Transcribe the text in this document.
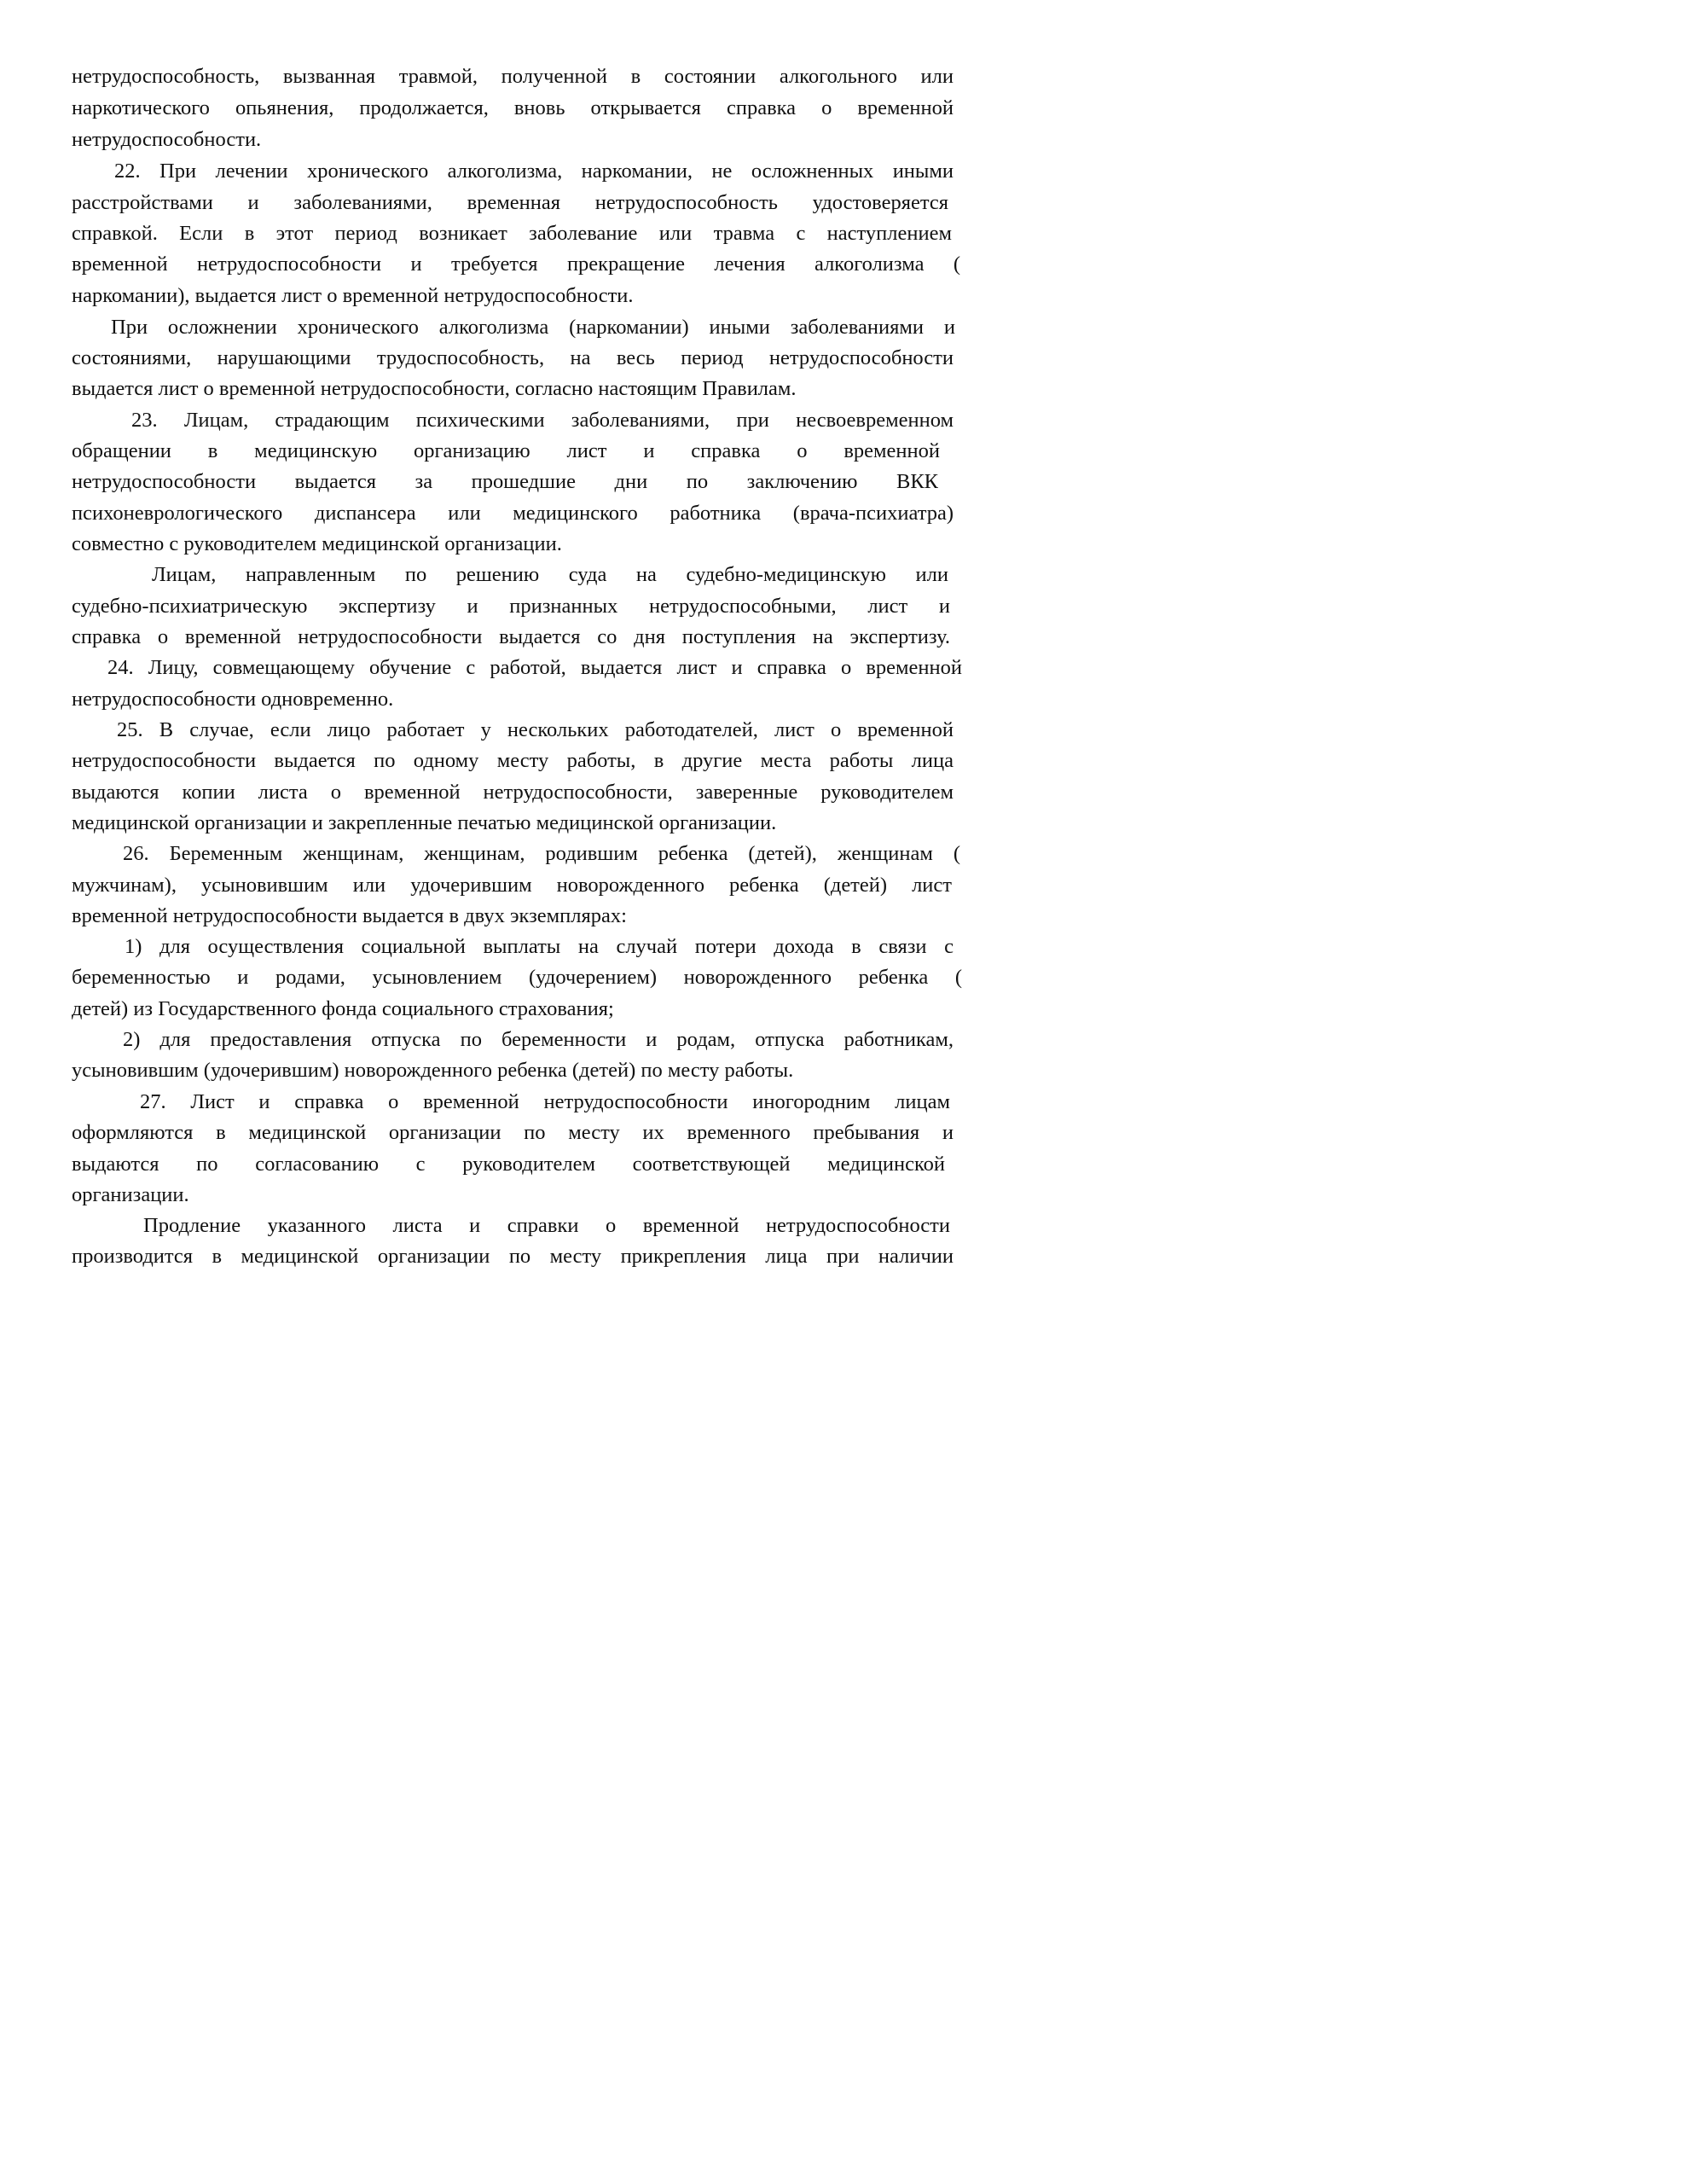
нетрудоспособность, вызванная травмой, полученной в состоянии алкогольного или
наркотического опьянения, продолжается, вновь открывается справка о временной
нетрудоспособности.
22. При лечении хронического алкоголизма, наркомании, не осложненных иными
расстройствами и заболеваниями, временная нетрудоспособность удостоверяется
справкой. Если в этот период возникает заболевание или травма с наступлением
временной нетрудоспособности и требуется прекращение лечения алкоголизма (
наркомании), выдается лист о временной нетрудоспособности.
При осложнении хронического алкоголизма (наркомании) иными заболеваниями и
состояниями, нарушающими трудоспособность, на весь период нетрудоспособности
выдается лист о временной нетрудоспособности, согласно настоящим Правилам.
23. Лицам, страдающим психическими заболеваниями, при несвоевременном
обращении в медицинскую организацию лист и справка о временной
нетрудоспособности выдается за прошедшие дни по заключению ВКК
психоневрологического диспансера или медицинского работника (врача-психиатра)
совместно с руководителем медицинской организации.
Лицам, направленным по решению суда на судебно-медицинскую или
судебно-психиатрическую экспертизу и признанных нетрудоспособными, лист и
справка о временной нетрудоспособности выдается со дня поступления на экспертизу.
24. Лицу, совмещающему обучение с работой, выдается лист и справка о временной
нетрудоспособности одновременно.
25. В случае, если лицо работает у нескольких работодателей, лист о временной
нетрудоспособности выдается по одному месту работы, в другие места работы лица
выдаются копии листа о временной нетрудоспособности, заверенные руководителем
медицинской организации и закрепленные печатью медицинской организации.
26. Беременным женщинам, женщинам, родившим ребенка (детей), женщинам (
мужчинам), усыновившим или удочерившим новорожденного ребенка (детей) лист
временной нетрудоспособности выдается в двух экземплярах:
1) для осуществления социальной выплаты на случай потери дохода в связи с
беременностью и родами, усыновлением (удочерением) новорожденного ребенка (
детей) из Государственного фонда социального страхования;
2) для предоставления отпуска по беременности и родам, отпуска работникам,
усыновившим (удочерившим) новорожденного ребенка (детей) по месту работы.
27. Лист и справка о временной нетрудоспособности иногородним лицам
оформляются в медицинской организации по месту их временного пребывания и
выдаются по согласованию с руководителем соответствующей медицинской
организации.
Продление указанного листа и справки о временной нетрудоспособности
производится в медицинской организации по месту прикрепления лица при наличии
